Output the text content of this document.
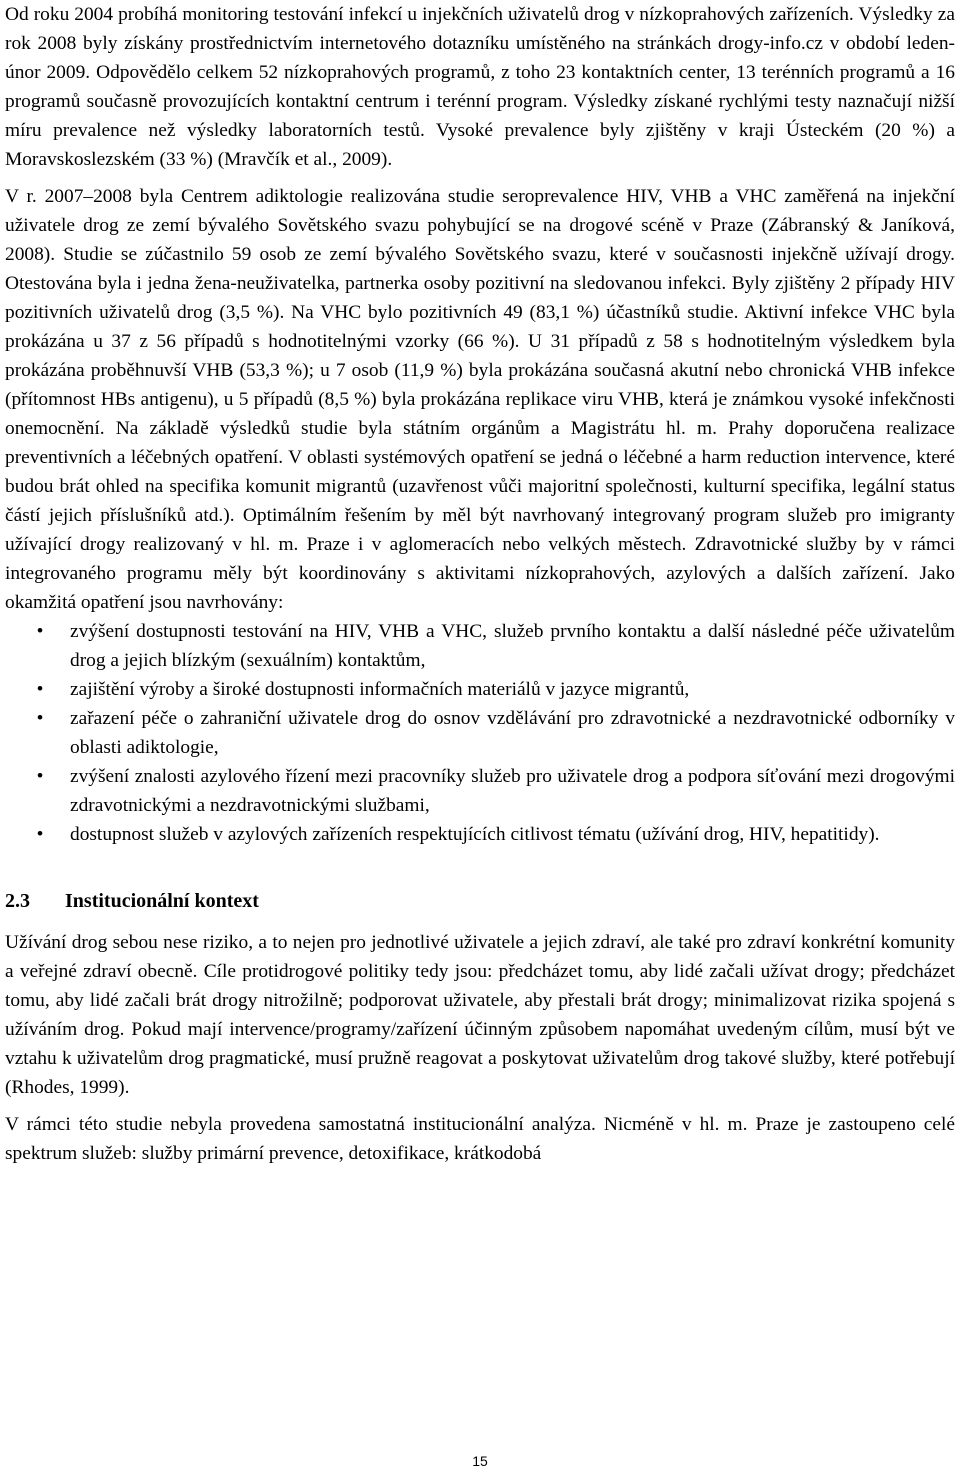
Od roku 2004 probíhá monitoring testování infekcí u injekčních uživatelů drog v nízkoprahových zařízeních. Výsledky za rok 2008 byly získány prostřednictvím internetového dotazníku umístěného na stránkách drogy-info.cz v období leden-únor 2009. Odpovědělo celkem 52 nízkoprahových programů, z toho 23 kontaktních center, 13 terénních programů a 16 programů současně provozujících kontaktní centrum i terénní program. Výsledky získané rychlými testy naznačují nižší míru prevalence než výsledky laboratorních testů. Vysoké prevalence byly zjištěny v kraji Ústeckém (20 %) a Moravskoslezském (33 %) (Mravčík et al., 2009).

V r. 2007–2008 byla Centrem adiktologie realizována studie seroprevalence HIV, VHB a VHC zaměřená na injekční uživatele drog ze zemí bývalého Sovětského svazu pohybující se na drogové scéně v Praze (Zábranský & Janíková, 2008). Studie se zúčastnilo 59 osob ze zemí bývalého Sovětského svazu, které v současnosti injekčně užívají drogy. Otestována byla i jedna žena-neuživatelka, partnerka osoby pozitivní na sledovanou infekci. Byly zjištěny 2 případy HIV pozitivních uživatelů drog (3,5 %). Na VHC bylo pozitivních 49 (83,1 %) účastníků studie. Aktivní infekce VHC byla prokázána u 37 z 56 případů s hodnotitelnými vzorky (66 %). U 31 případů z 58 s hodnotitelným výsledkem byla prokázána proběhnuvší VHB (53,3 %); u 7 osob (11,9 %) byla prokázána současná akutní nebo chronická VHB infekce (přítomnost HBs antigenu), u 5 případů (8,5 %) byla prokázána replikace viru VHB, která je známkou vysoké infekčnosti onemocnění. Na základě výsledků studie byla státním orgánům a Magistrátu hl. m. Prahy doporučena realizace preventivních a léčebných opatření. V oblasti systémových opatření se jedná o léčebné a harm reduction intervence, které budou brát ohled na specifika komunit migrantů (uzavřenost vůči majoritní společnosti, kulturní specifika, legální status částí jejich příslušníků atd.). Optimálním řešením by měl být navrhovaný integrovaný program služeb pro imigranty užívající drogy realizovaný v hl. m. Praze i v aglomeracích nebo velkých městech. Zdravotnické služby by v rámci integrovaného programu měly být koordinovány s aktivitami nízkoprahových, azylových a dalších zařízení. Jako okamžitá opatření jsou navrhovány:

•	zvýšení dostupnosti testování na HIV, VHB a VHC, služeb prvního kontaktu a další následné péče uživatelům drog a jejich blízkým (sexuálním) kontaktům,
•	zajištění výroby a široké dostupnosti informačních materiálů v jazyce migrantů,
•	zařazení péče o zahraniční uživatele drog do osnov vzdělávání pro zdravotnické a nezdravotnické odborníky v oblasti adiktologie,
•	zvýšení znalosti azylového řízení mezi pracovníky služeb pro uživatele drog a podpora síťování mezi drogovými zdravotnickými a nezdravotnickými službami,
•	dostupnost služeb v azylových zařízeních respektujících citlivost tématu (užívání drog, HIV, hepatitidy).
2.3	Institucionální kontext

Užívání drog sebou nese riziko, a to nejen pro jednotlivé uživatele a jejich zdraví, ale také pro zdraví konkrétní komunity a veřejné zdraví obecně. Cíle protidrogové politiky tedy jsou: předcházet tomu, aby lidé začali užívat drogy; předcházet tomu, aby lidé začali brát drogy nitrožilně; podporovat uživatele, aby přestali brát drogy; minimalizovat rizika spojená s užíváním drog. Pokud mají intervence/programy/zařízení účinným způsobem napomáhat uvedeným cílům, musí být ve vztahu k uživatelům drog pragmatické, musí pružně reagovat a poskytovat uživatelům drog takové služby, které potřebují (Rhodes, 1999).

V rámci této studie nebyla provedena samostatná institucionální analýza. Nicméně v hl. m. Praze je zastoupeno celé spektrum služeb: služby primární prevence, detoxifikace, krátkodobá

15
